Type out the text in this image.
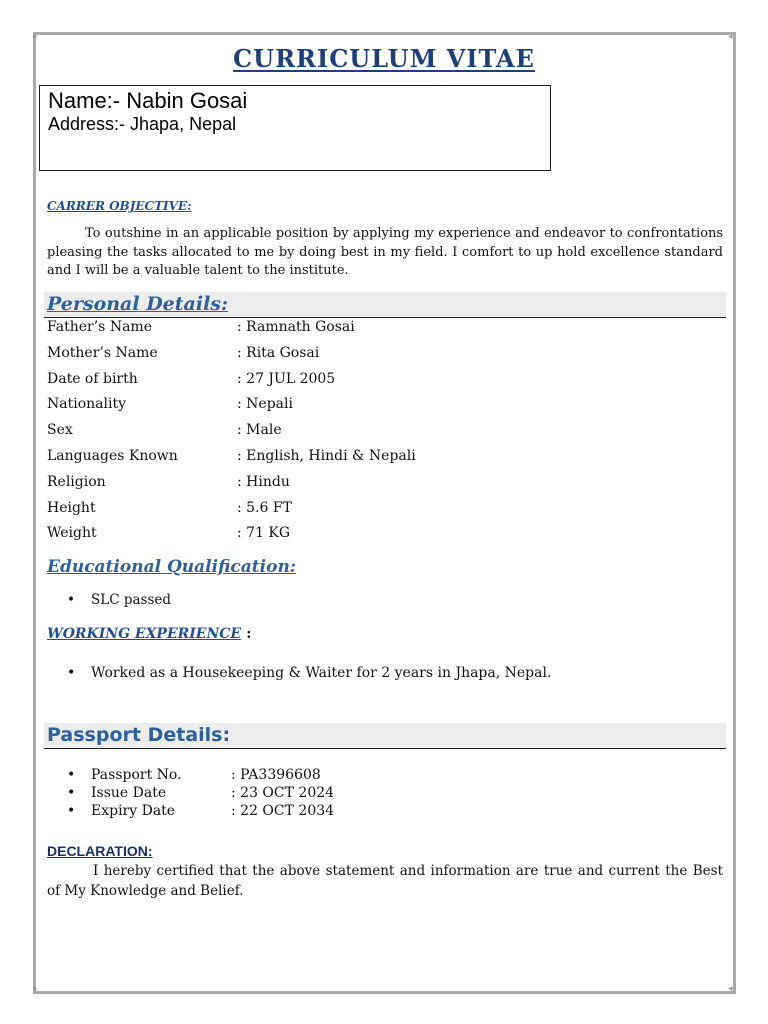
▸	◂
▸	◂
CURRICULUM VITAE
Name:- Nabin Gosai
Address:- Jhapa, Nepal
CARRER OBJECTIVE:
To outshine in an applicable position by applying my experience and endeavor to confrontations pleasing the tasks allocated to me by doing best in my field. I comfort to up hold excellence standard and I will be a valuable talent to the institute.
Personal Details:
Father’s Name	: Ramnath Gosai
Mother’s Name	: Rita Gosai
Date of birth	: 27 JUL 2005
Nationality	: Nepali
Sex	: Male
Languages Known	: English, Hindi & Nepali
Religion	: Hindu
Height	: 5.6 FT
Weight	: 71 KG
Educational Qualification:
• SLC passed
WORKING EXPERIENCE :
• Worked as a Housekeeping & Waiter for 2 years in Jhapa, Nepal.
Passport Details:
• Passport No.	: PA3396608
• Issue Date	: 23 OCT 2024
• Expiry Date	: 22 OCT 2034
DECLARATION:
I hereby certified that the above statement and information are true and current the Best of My Knowledge and Belief.
